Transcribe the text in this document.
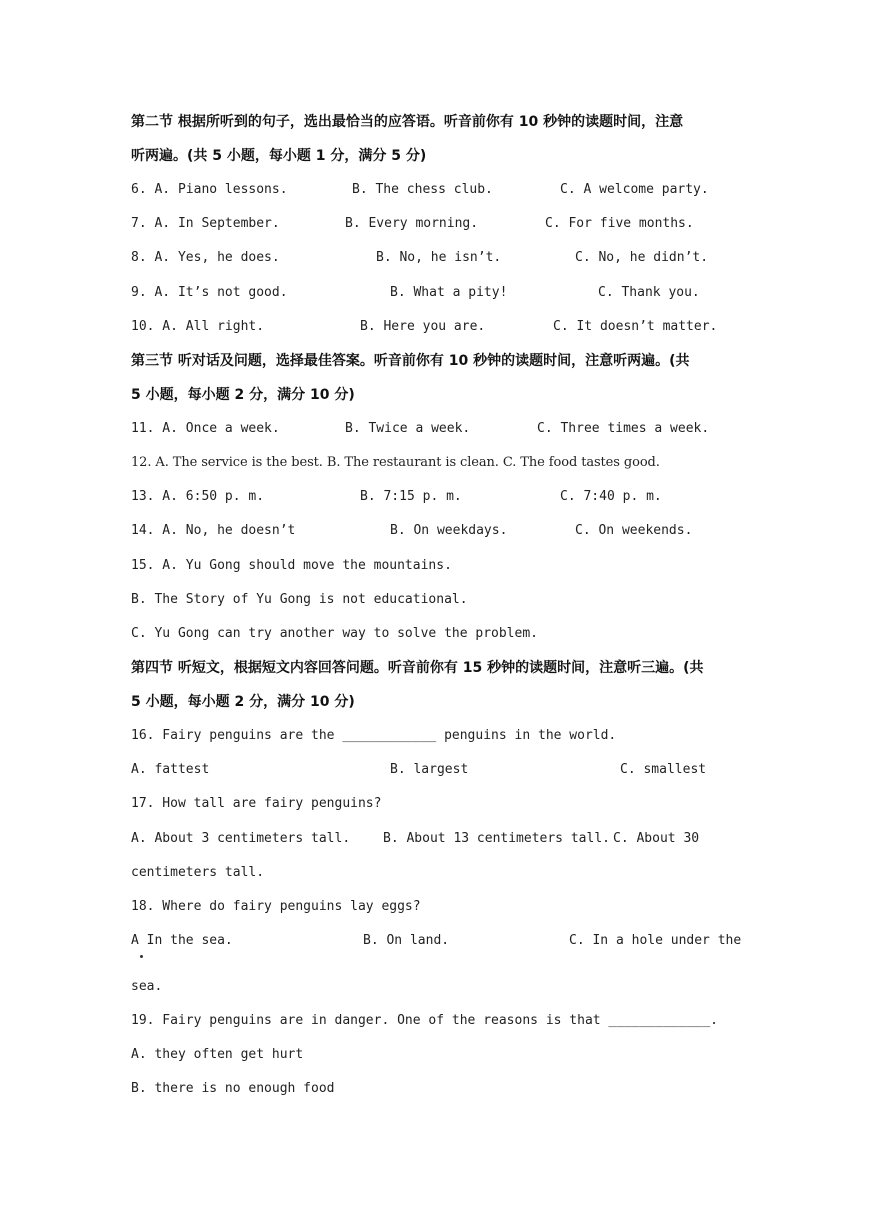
第二节 根据所听到的句子，选出最恰当的应答语。听音前你有 10 秒钟的读题时间，注意
听两遍。(共 5 小题，每小题 1 分，满分 5 分)
6. A. Piano lessons.	B. The chess club.	C. A welcome party.
7. A. In September.	B. Every morning.	C. For five months.
8. A. Yes, he does.	B. No, he isn’t.	C. No, he didn’t.
9. A. It’s not good.	B. What a pity!	C. Thank you.
10. A. All right.	B. Here you are.	C. It doesn’t matter.
第三节 听对话及问题，选择最佳答案。听音前你有 10 秒钟的读题时间，注意听两遍。(共
5 小题，每小题 2 分，满分 10 分)
11. A. Once a week.	B. Twice a week.	C. Three times a week.
12. A. The service is the best. B. The restaurant is clean. C. The food tastes good.
13. A. 6:50 p. m.	B. 7:15 p. m.	C. 7:40 p. m.
14. A. No, he doesn’t	B. On weekdays.	C. On weekends.
15. A. Yu Gong should move the mountains.
B. The Story of Yu Gong is not educational.
C. Yu Gong can try another way to solve the problem.
第四节 听短文，根据短文内容回答问题。听音前你有 15 秒钟的读题时间，注意听三遍。(共
5 小题，每小题 2 分，满分 10 分)
16. Fairy penguins are the ____________ penguins in the world.
A. fattest	B. largest	C. smallest
17. How tall are fairy penguins?
A. About 3 centimeters tall.	B. About 13 centimeters tall. C. About 30
centimeters tall.
18. Where do fairy penguins lay eggs?
A In the sea.	B. On land.	C. In a hole under the
sea.
19. Fairy penguins are in danger. One of the reasons is that _____________.
A. they often get hurt
B. there is no enough food
